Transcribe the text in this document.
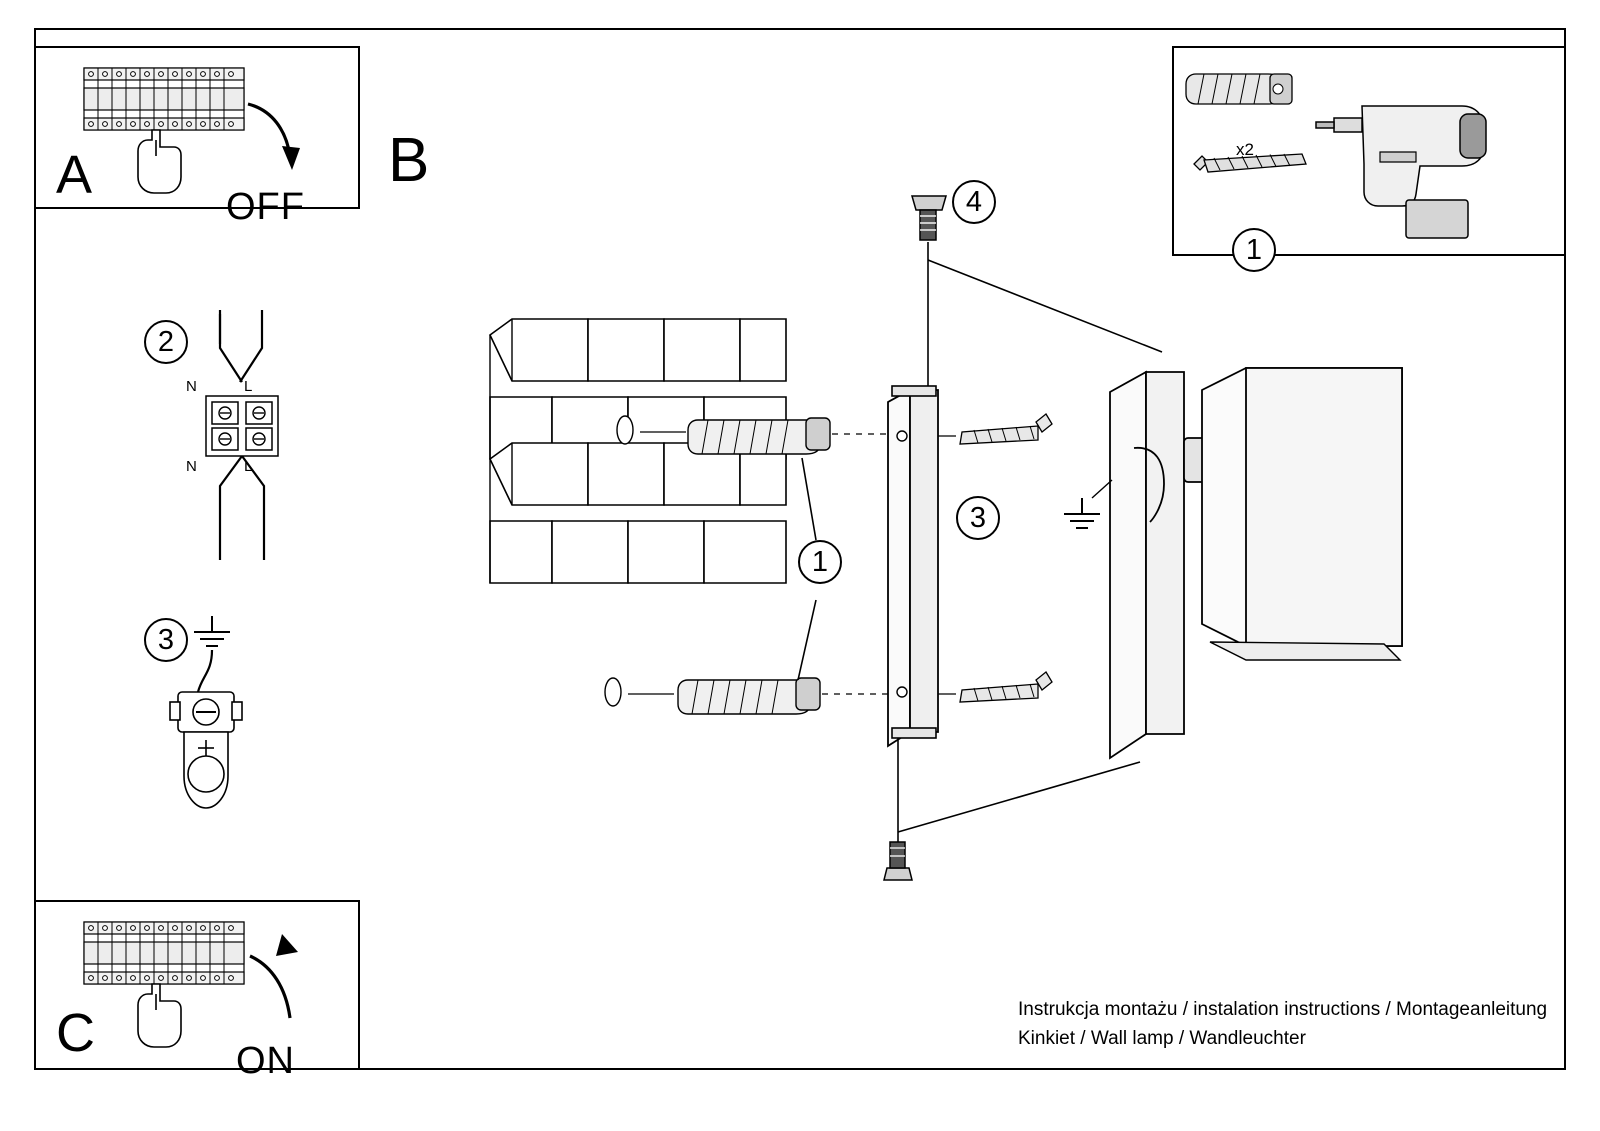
A
OFF
x2
1
B
2
N	L
N	L
3
C	ON
1
3
4
Instrukcja montażu / instalation instructions / Montageanleitung
Kinkiet / Wall lamp / Wandleuchter
